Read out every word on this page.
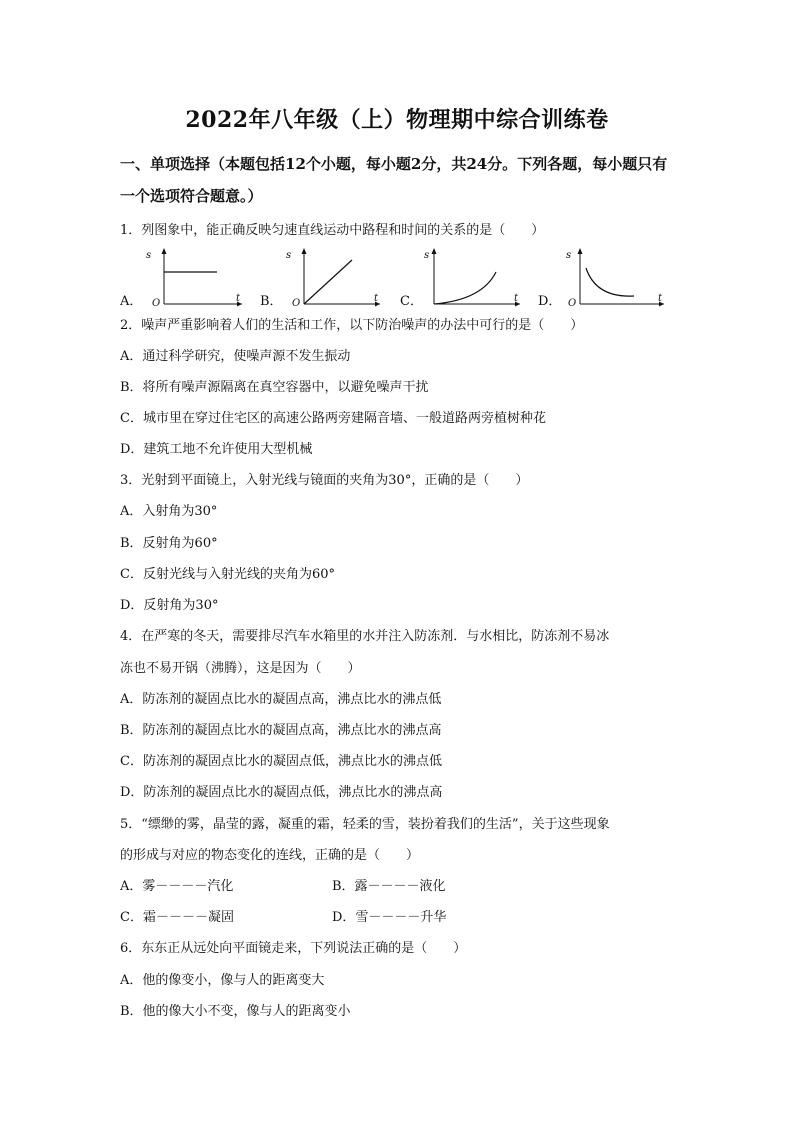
2022年八年级（上）物理期中综合训练卷
一、单项选择（本题包括12个小题，每小题2分，共24分。下列各题，每小题只有一个选项符合题意。）
1．列图象中，能正确反映匀速直线运动中路程和时间的关系的是（　　）
A．
s
t
O	B．
s
t
O	C．
s
t D．
s
t
O
2．噪声严重影响着人们的生活和工作，以下防治噪声的办法中可行的是（　　）
A．通过科学研究，使噪声源不发生振动
B．将所有噪声源隔离在真空容器中，以避免噪声干扰
C．城市里在穿过住宅区的高速公路两旁建隔音墙、一般道路两旁植树种花
D．建筑工地不允许使用大型机械
3．光射到平面镜上，入射光线与镜面的夹角为30°，正确的是（　　）
A．入射角为30°
B．反射角为60°
C．反射光线与入射光线的夹角为60°
D．反射角为30°
4．在严寒的冬天，需要排尽汽车水箱里的水并注入防冻剂．与水相比，防冻剂不易冰
冻也不易开锅（沸腾），这是因为（　　）
A．防冻剂的凝固点比水的凝固点高，沸点比水的沸点低
B．防冻剂的凝固点比水的凝固点高，沸点比水的沸点高
C．防冻剂的凝固点比水的凝固点低，沸点比水的沸点低
D．防冻剂的凝固点比水的凝固点低，沸点比水的沸点高
5．“缥缈的雾，晶莹的露，凝重的霜，轻柔的雪，装扮着我们的生活”，关于这些现象
的形成与对应的物态变化的连线，正确的是（　　）
A．雾－－－－汽化	B．露－－－－液化
C．霜－－－－凝固	D．雪－－－－升华
6．东东正从远处向平面镜走来，下列说法正确的是（　　）
A．他的像变小，像与人的距离变大
B．他的像大小不变，像与人的距离变小
